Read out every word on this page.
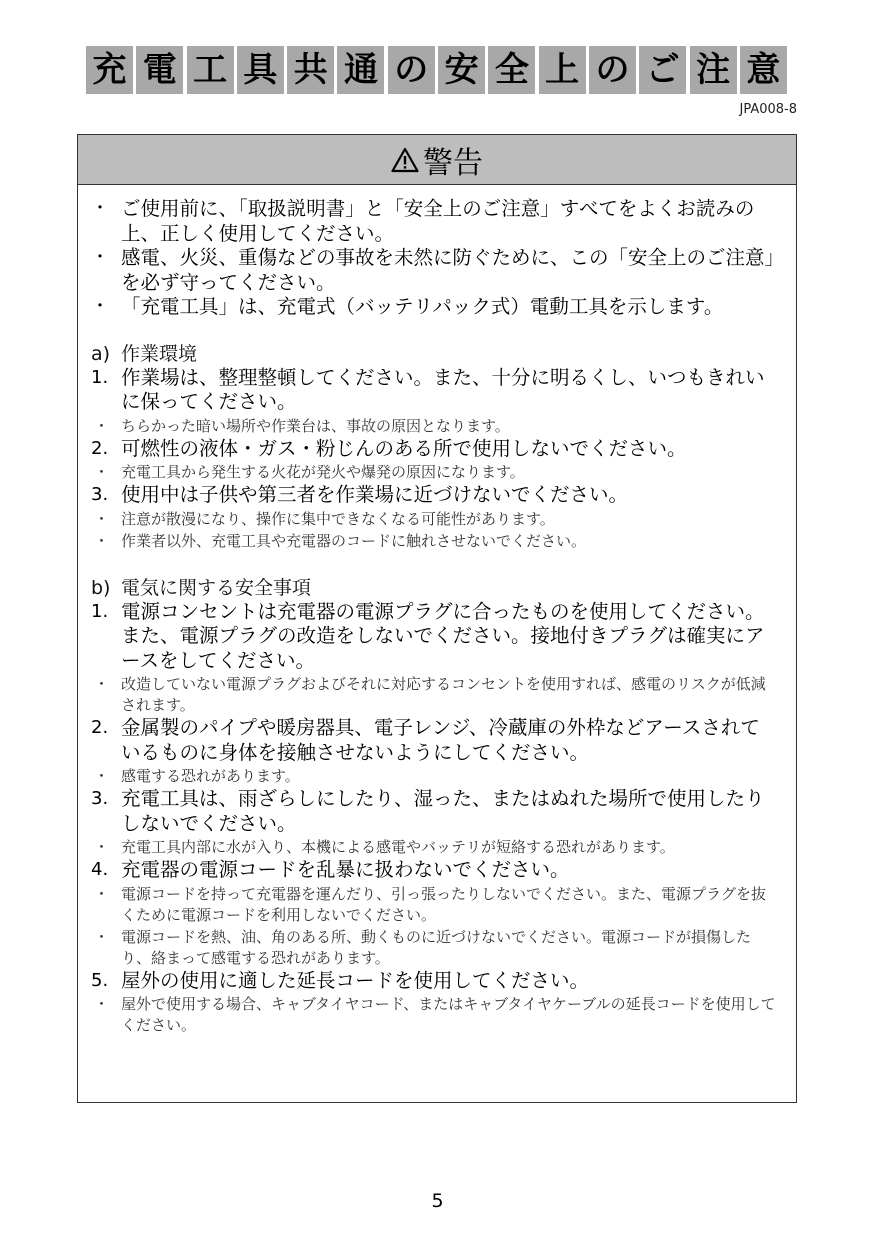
充 電 工 具 共 通 の 安 全 上 の ご 注 意
JPA008-8
警告
・ ご使用前に、「取扱説明書」と「安全上のご注意」すべてをよくお読みの上、正しく使用してください。
・ 感電、火災、重傷などの事故を未然に防ぐために、この「安全上のご注意」を必ず守ってください。
・ 「充電工具」は、充電式（バッテリパック式）電動工具を示します。
a) 作業環境
1. 作業場は、整理整頓してください。また、十分に明るくし、いつもきれいに保ってください。
・ ちらかった暗い場所や作業台は、事故の原因となります。
2. 可燃性の液体・ガス・粉じんのある所で使用しないでください。
・ 充電工具から発生する火花が発火や爆発の原因になります。
3. 使用中は子供や第三者を作業場に近づけないでください。
・ 注意が散漫になり、操作に集中できなくなる可能性があります。
・ 作業者以外、充電工具や充電器のコードに触れさせないでください。
b) 電気に関する安全事項
1. 電源コンセントは充電器の電源プラグに合ったものを使用してください。また、電源プラグの改造をしないでください。接地付きプラグは確実にアースをしてください。
・ 改造していない電源プラグおよびそれに対応するコンセントを使用すれば、感電のリスクが低減されます。
2. 金属製のパイプや暖房器具、電子レンジ、冷蔵庫の外枠などアースされているものに身体を接触させないようにしてください。
・ 感電する恐れがあります。
3. 充電工具は、雨ざらしにしたり、湿った、またはぬれた場所で使用したりしないでください。
・ 充電工具内部に水が入り、本機による感電やバッテリが短絡する恐れがあります。
4. 充電器の電源コードを乱暴に扱わないでください。
・ 電源コードを持って充電器を運んだり、引っ張ったりしないでください。また、電源プラグを抜くために電源コードを利用しないでください。
・ 電源コードを熱、油、角のある所、動くものに近づけないでください。電源コードが損傷したり、絡まって感電する恐れがあります。
5. 屋外の使用に適した延長コードを使用してください。
・ 屋外で使用する場合、キャブタイヤコード、またはキャブタイヤケーブルの延長コードを使用してください。
5
